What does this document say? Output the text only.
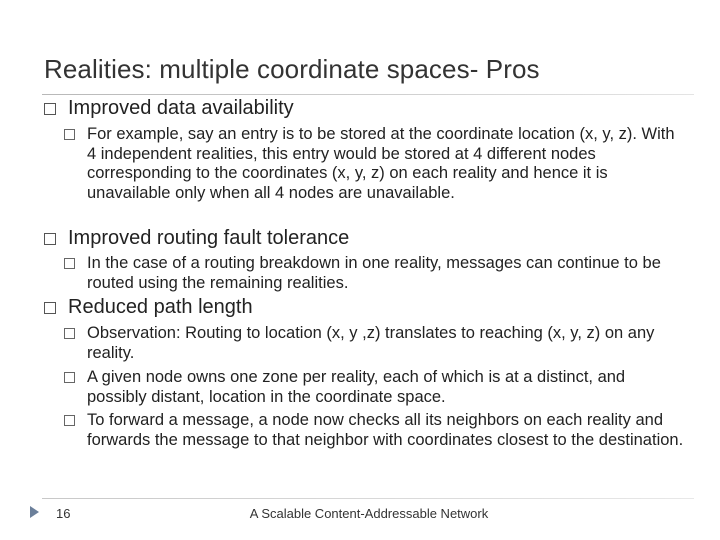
Realities: multiple coordinate spaces- Pros
Improved data availability
For example, say an entry is to be stored at the coordinate location (x, y, z). With 4 independent realities, this entry would be stored at 4 different nodes corresponding to the coordinates (x, y, z) on each reality and hence it is unavailable only when all 4 nodes are unavailable.
Improved routing fault tolerance
In the case of a routing breakdown in one reality, messages can continue to be routed using the remaining realities.
Reduced path length
Observation: Routing to location (x, y ,z) translates to reaching (x, y, z) on any reality.
A given node owns one zone per reality, each of which is at a distinct, and possibly distant, location in the coordinate space.
To forward a message, a node now checks all its neighbors on each reality and forwards the message to that neighbor with coordinates closest to the destination.
16	A Scalable Content-Addressable Network
